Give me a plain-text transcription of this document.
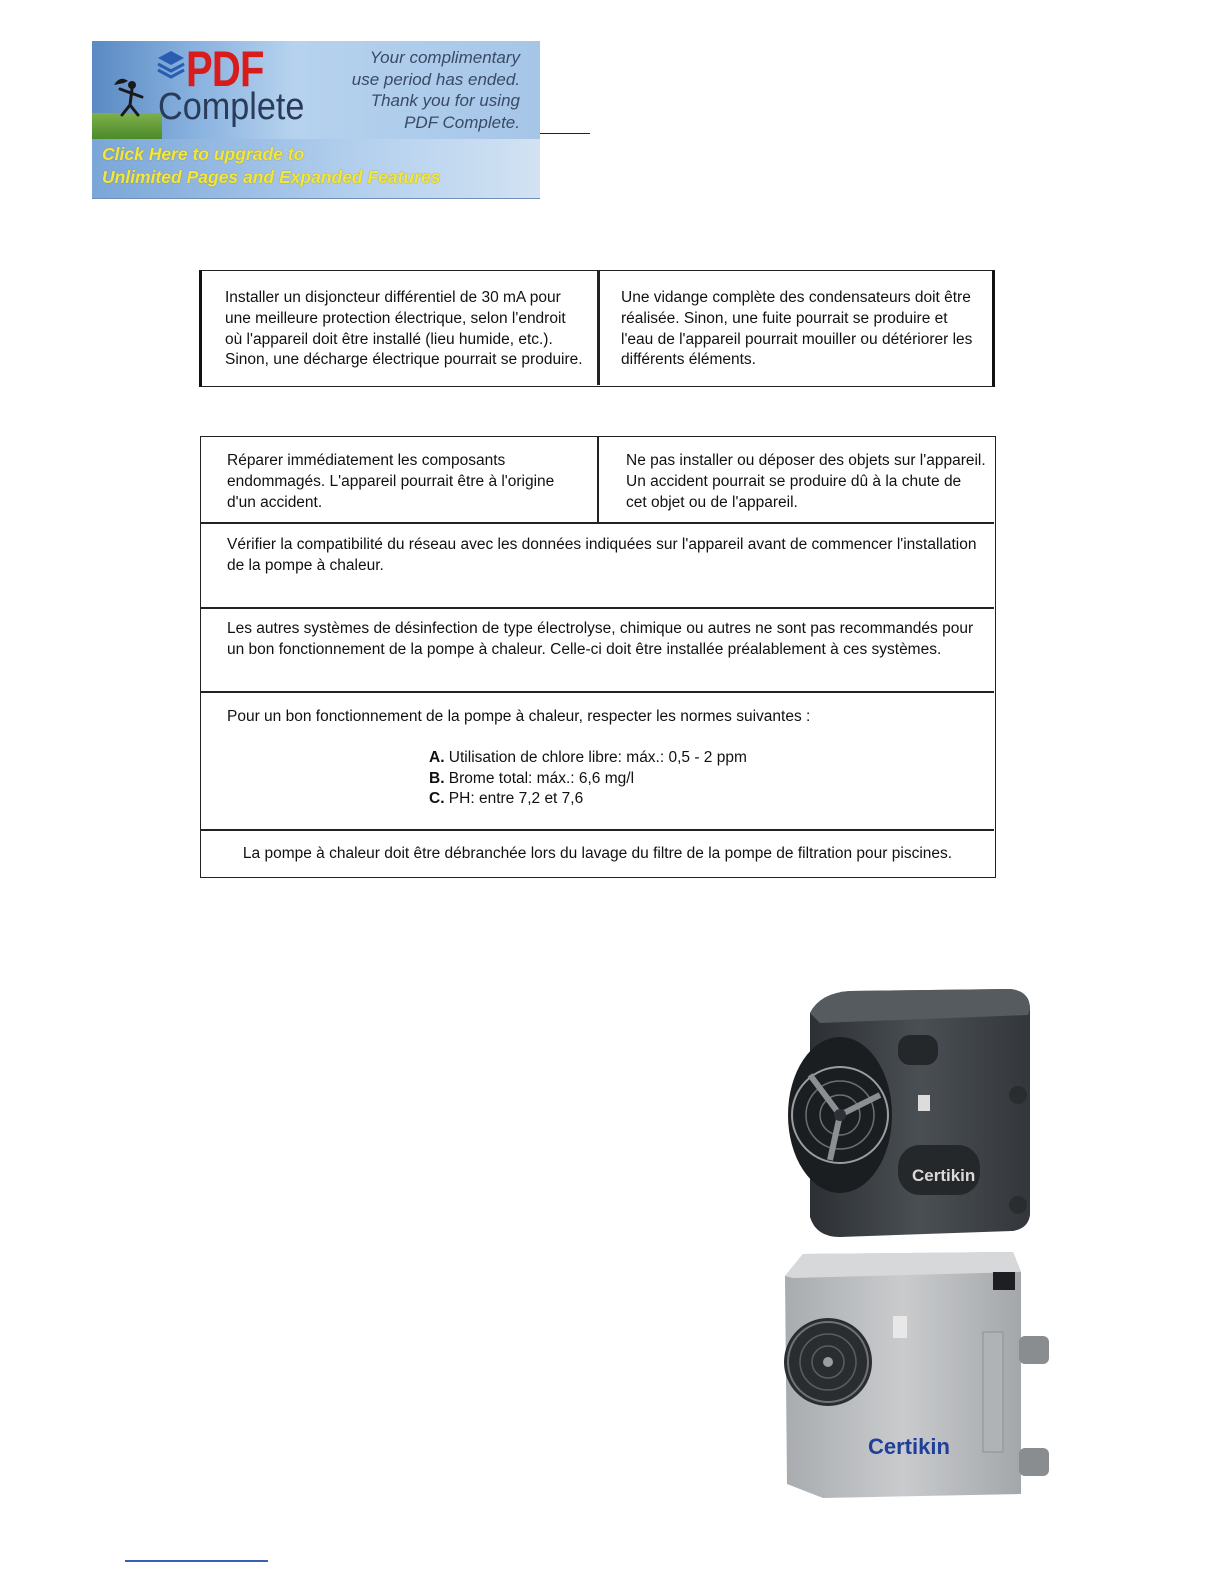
PDF
Complete
Your complimentary
use period has ended.
Thank you for using
PDF Complete.
Click Here to upgrade to
Unlimited Pages and Expanded Features
Installer un disjoncteur différentiel de 30 mA pour une meilleure protection électrique, selon l'endroit où l'appareil doit être installé (lieu humide, etc.). Sinon, une décharge électrique pourrait se produire.
Une vidange complète des condensateurs doit être réalisée. Sinon, une fuite pourrait se produire et l'eau de l'appareil pourrait mouiller ou détériorer les différents éléments.
Réparer immédiatement les composants endommagés. L'appareil pourrait être à l'origine d'un accident.
Ne pas installer ou déposer des objets sur l'appareil. Un accident pourrait se produire dû à la chute de cet objet ou de l'appareil.
Vérifier la compatibilité du réseau avec les données indiquées sur l'appareil avant de commencer l'installation de la pompe à chaleur.
Les autres systèmes de désinfection de type électrolyse, chimique ou autres ne sont pas recommandés pour un bon fonctionnement de la pompe à chaleur. Celle-ci doit être installée préalablement à ces systèmes.
Pour un bon fonctionnement de la pompe à chaleur, respecter les normes suivantes :
A. Utilisation de chlore libre: máx.: 0,5 - 2 ppm
B. Brome total: máx.: 6,6 mg/l
C. PH: entre 7,2 et 7,6
La pompe à chaleur doit être débranchée lors du lavage du filtre de la pompe de filtration pour piscines.
Certikin
Certikin
